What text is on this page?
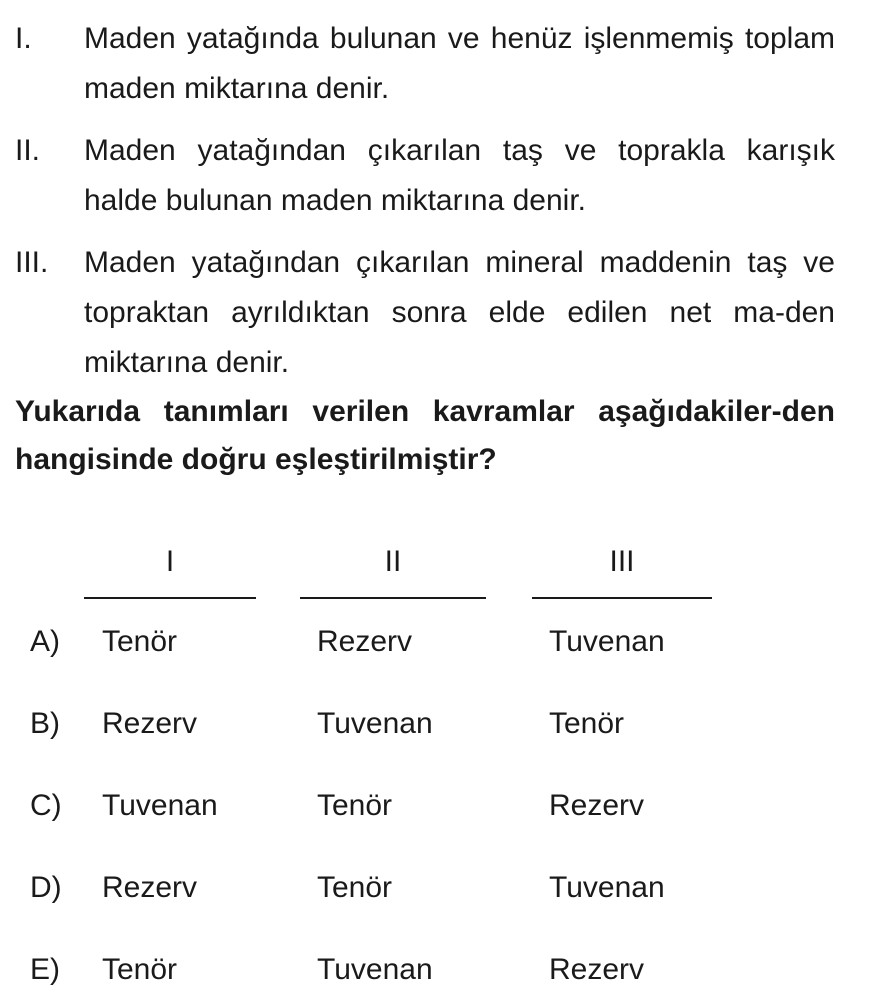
I. Maden yatağında bulunan ve henüz işlenmemiş toplam maden miktarına denir.
II. Maden yatağından çıkarılan taş ve toprakla karışık halde bulunan maden miktarına denir.
III. Maden yatağından çıkarılan mineral maddenin taş ve topraktan ayrıldıktan sonra elde edilen net ma-den miktarına denir.
Yukarıda tanımları verilen kavramlar aşağıdakiler-den hangisinde doğru eşleştirilmiştir?
I	II	III
A) Tenör	Rezerv	Tuvenan
B) Rezerv	Tuvenan	Tenör
C) Tuvenan	Tenör	Rezerv
D) Rezerv	Tenör	Tuvenan
E) Tenör	Tuvenan	Rezerv
